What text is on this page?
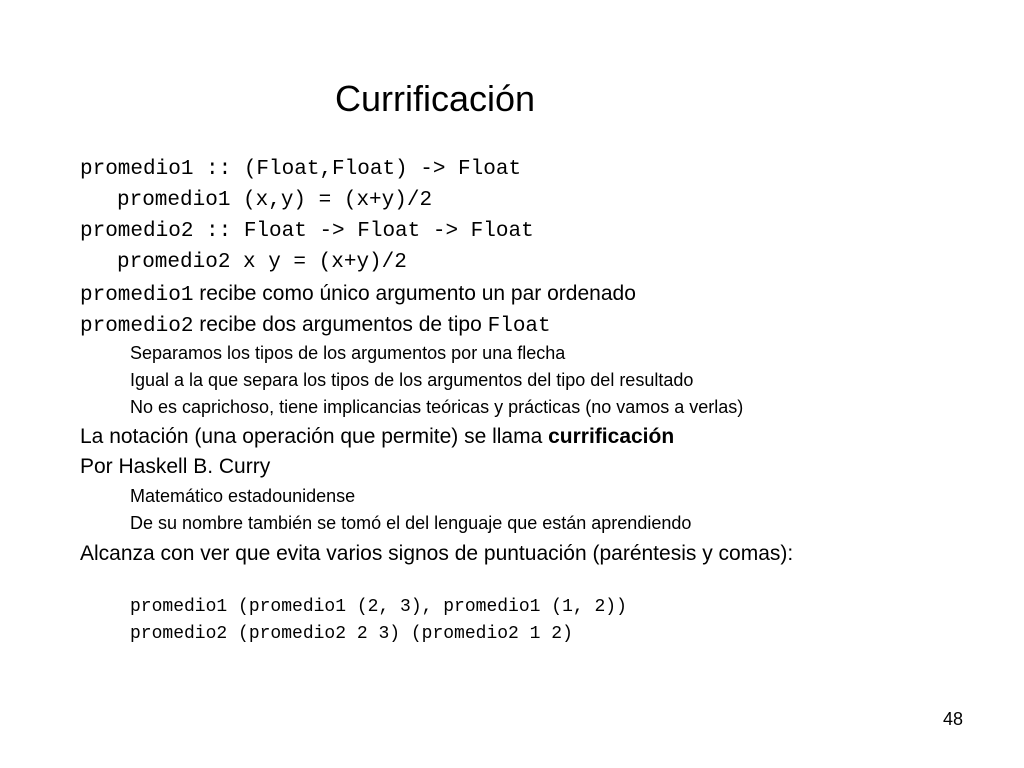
Currificación
promedio1 :: (Float,Float) -> Float
promedio1 (x,y) = (x+y)/2
promedio2 :: Float -> Float -> Float
promedio2 x y = (x+y)/2
promedio1 recibe como único argumento un par ordenado
promedio2 recibe dos argumentos de tipo Float
Separamos los tipos de los argumentos por una flecha
Igual a la que separa los tipos de los argumentos del tipo del resultado
No es caprichoso, tiene implicancias teóricas y prácticas (no vamos a verlas)
La notación (una operación que permite) se llama currificación
Por Haskell B. Curry
Matemático estadounidense
De su nombre también se tomó el del lenguaje que están aprendiendo
Alcanza con ver que evita varios signos de puntuación (paréntesis y comas):
promedio1 (promedio1 (2, 3), promedio1 (1, 2))
promedio2 (promedio2 2 3) (promedio2 1 2)
48
